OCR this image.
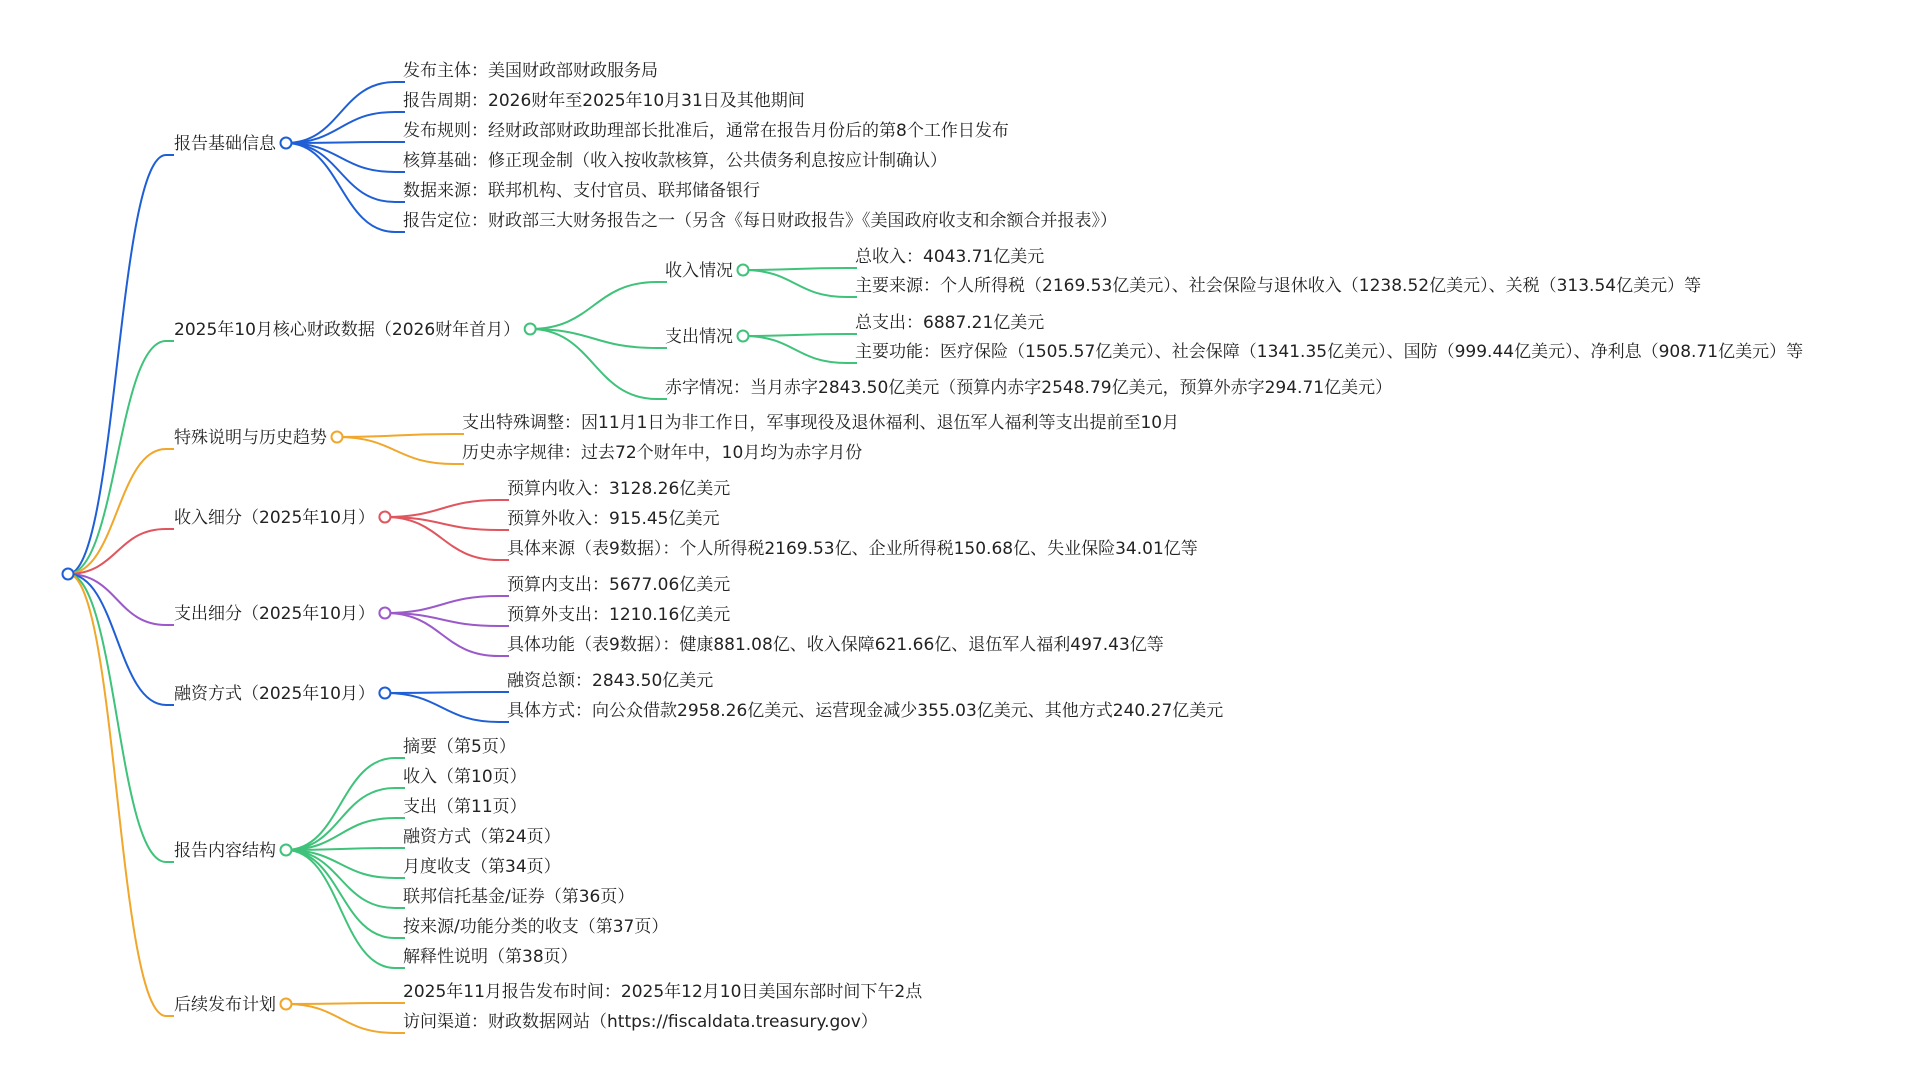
报告基础信息
发布主体：美国财政部财政服务局
报告周期：2026财年至2025年10月31日及其他期间
发布规则：经财政部财政助理部长批准后，通常在报告月份后的第8个工作日发布
核算基础：修正现金制（收入按收款核算，公共债务利息按应计制确认）
数据来源：联邦机构、支付官员、联邦储备银行
报告定位：财政部三大财务报告之一（另含《每日财政报告》《美国政府收支和余额合并报表》）
2025年10月核心财政数据（2026财年首月）
收入情况
总收入：4043.71亿美元
主要来源：个人所得税（2169.53亿美元）、社会保险与退休收入（1238.52亿美元）、关税（313.54亿美元）等
支出情况
总支出：6887.21亿美元
主要功能：医疗保险（1505.57亿美元）、社会保障（1341.35亿美元）、国防（999.44亿美元）、净利息（908.71亿美元）等
赤字情况：当月赤字2843.50亿美元（预算内赤字2548.79亿美元，预算外赤字294.71亿美元）
特殊说明与历史趋势
支出特殊调整：因11月1日为非工作日，军事现役及退休福利、退伍军人福利等支出提前至10月
历史赤字规律：过去72个财年中，10月均为赤字月份
收入细分（2025年10月）
预算内收入：3128.26亿美元
预算外收入：915.45亿美元
具体来源（表9数据）：个人所得税2169.53亿、企业所得税150.68亿、失业保险34.01亿等
支出细分（2025年10月）
预算内支出：5677.06亿美元
预算外支出：1210.16亿美元
具体功能（表9数据）：健康881.08亿、收入保障621.66亿、退伍军人福利497.43亿等
融资方式（2025年10月）
融资总额：2843.50亿美元
具体方式：向公众借款2958.26亿美元、运营现金减少355.03亿美元、其他方式240.27亿美元
报告内容结构
摘要（第5页）
收入（第10页）
支出（第11页）
融资方式（第24页）
月度收支（第34页）
联邦信托基金/证券（第36页）
按来源/功能分类的收支（第37页）
解释性说明（第38页）
后续发布计划
2025年11月报告发布时间：2025年12月10日美国东部时间下午2点
访问渠道：财政数据网站（https://fiscaldata.treasury.gov）
